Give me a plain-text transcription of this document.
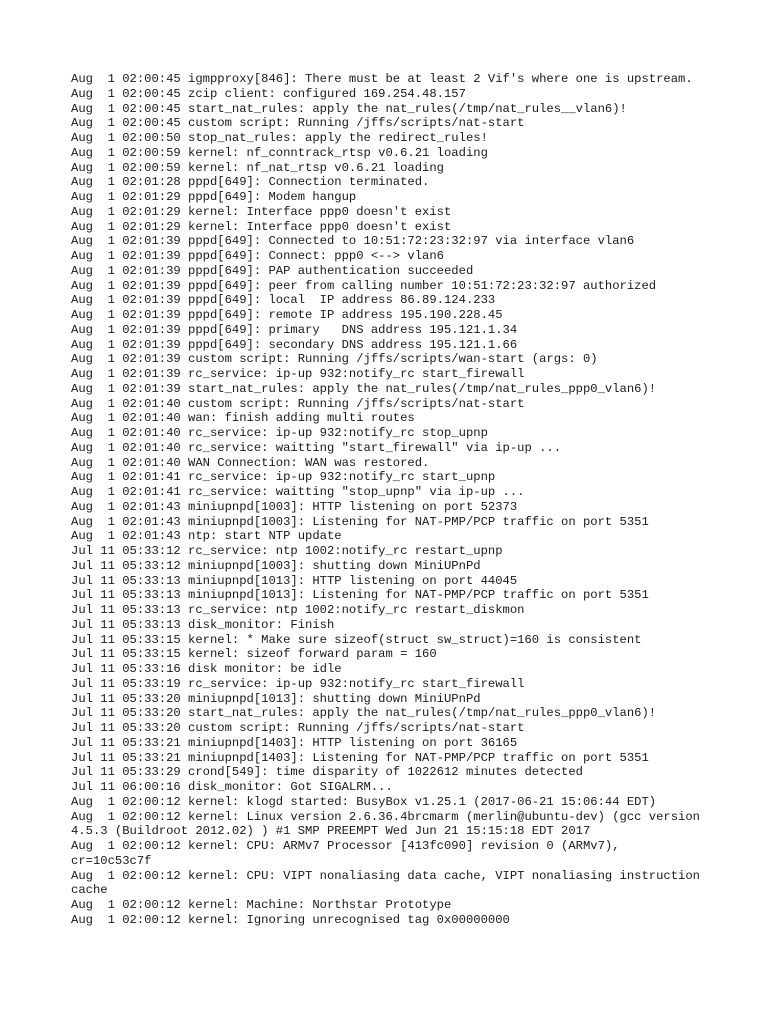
Aug  1 02:00:45 igmpproxy[846]: There must be at least 2 Vif's where one is upstream.
Aug  1 02:00:45 zcip client: configured 169.254.48.157
Aug  1 02:00:45 start_nat_rules: apply the nat_rules(/tmp/nat_rules__vlan6)!
Aug  1 02:00:45 custom script: Running /jffs/scripts/nat-start
Aug  1 02:00:50 stop_nat_rules: apply the redirect_rules!
Aug  1 02:00:59 kernel: nf_conntrack_rtsp v0.6.21 loading
Aug  1 02:00:59 kernel: nf_nat_rtsp v0.6.21 loading
Aug  1 02:01:28 pppd[649]: Connection terminated.
Aug  1 02:01:29 pppd[649]: Modem hangup
Aug  1 02:01:29 kernel: Interface ppp0 doesn't exist
Aug  1 02:01:29 kernel: Interface ppp0 doesn't exist
Aug  1 02:01:39 pppd[649]: Connected to 10:51:72:23:32:97 via interface vlan6
Aug  1 02:01:39 pppd[649]: Connect: ppp0 <--> vlan6
Aug  1 02:01:39 pppd[649]: PAP authentication succeeded
Aug  1 02:01:39 pppd[649]: peer from calling number 10:51:72:23:32:97 authorized
Aug  1 02:01:39 pppd[649]: local  IP address 86.89.124.233
Aug  1 02:01:39 pppd[649]: remote IP address 195.190.228.45
Aug  1 02:01:39 pppd[649]: primary   DNS address 195.121.1.34
Aug  1 02:01:39 pppd[649]: secondary DNS address 195.121.1.66
Aug  1 02:01:39 custom script: Running /jffs/scripts/wan-start (args: 0)
Aug  1 02:01:39 rc_service: ip-up 932:notify_rc start_firewall
Aug  1 02:01:39 start_nat_rules: apply the nat_rules(/tmp/nat_rules_ppp0_vlan6)!
Aug  1 02:01:40 custom script: Running /jffs/scripts/nat-start
Aug  1 02:01:40 wan: finish adding multi routes
Aug  1 02:01:40 rc_service: ip-up 932:notify_rc stop_upnp
Aug  1 02:01:40 rc_service: waitting "start_firewall" via ip-up ...
Aug  1 02:01:40 WAN Connection: WAN was restored.
Aug  1 02:01:41 rc_service: ip-up 932:notify_rc start_upnp
Aug  1 02:01:41 rc_service: waitting "stop_upnp" via ip-up ...
Aug  1 02:01:43 miniupnpd[1003]: HTTP listening on port 52373
Aug  1 02:01:43 miniupnpd[1003]: Listening for NAT-PMP/PCP traffic on port 5351
Aug  1 02:01:43 ntp: start NTP update
Jul 11 05:33:12 rc_service: ntp 1002:notify_rc restart_upnp
Jul 11 05:33:12 miniupnpd[1003]: shutting down MiniUPnPd
Jul 11 05:33:13 miniupnpd[1013]: HTTP listening on port 44045
Jul 11 05:33:13 miniupnpd[1013]: Listening for NAT-PMP/PCP traffic on port 5351
Jul 11 05:33:13 rc_service: ntp 1002:notify_rc restart_diskmon
Jul 11 05:33:13 disk_monitor: Finish
Jul 11 05:33:15 kernel: * Make sure sizeof(struct sw_struct)=160 is consistent
Jul 11 05:33:15 kernel: sizeof forward param = 160
Jul 11 05:33:16 disk monitor: be idle
Jul 11 05:33:19 rc_service: ip-up 932:notify_rc start_firewall
Jul 11 05:33:20 miniupnpd[1013]: shutting down MiniUPnPd
Jul 11 05:33:20 start_nat_rules: apply the nat_rules(/tmp/nat_rules_ppp0_vlan6)!
Jul 11 05:33:20 custom script: Running /jffs/scripts/nat-start
Jul 11 05:33:21 miniupnpd[1403]: HTTP listening on port 36165
Jul 11 05:33:21 miniupnpd[1403]: Listening for NAT-PMP/PCP traffic on port 5351
Jul 11 05:33:29 crond[549]: time disparity of 1022612 minutes detected
Jul 11 06:00:16 disk_monitor: Got SIGALRM...
Aug  1 02:00:12 kernel: klogd started: BusyBox v1.25.1 (2017-06-21 15:06:44 EDT)
Aug  1 02:00:12 kernel: Linux version 2.6.36.4brcmarm (merlin@ubuntu-dev) (gcc version 4.5.3 (Buildroot 2012.02) ) #1 SMP PREEMPT Wed Jun 21 15:15:18 EDT 2017
Aug  1 02:00:12 kernel: CPU: ARMv7 Processor [413fc090] revision 0 (ARMv7), cr=10c53c7f
Aug  1 02:00:12 kernel: CPU: VIPT nonaliasing data cache, VIPT nonaliasing instruction cache
Aug  1 02:00:12 kernel: Machine: Northstar Prototype
Aug  1 02:00:12 kernel: Ignoring unrecognised tag 0x00000000
